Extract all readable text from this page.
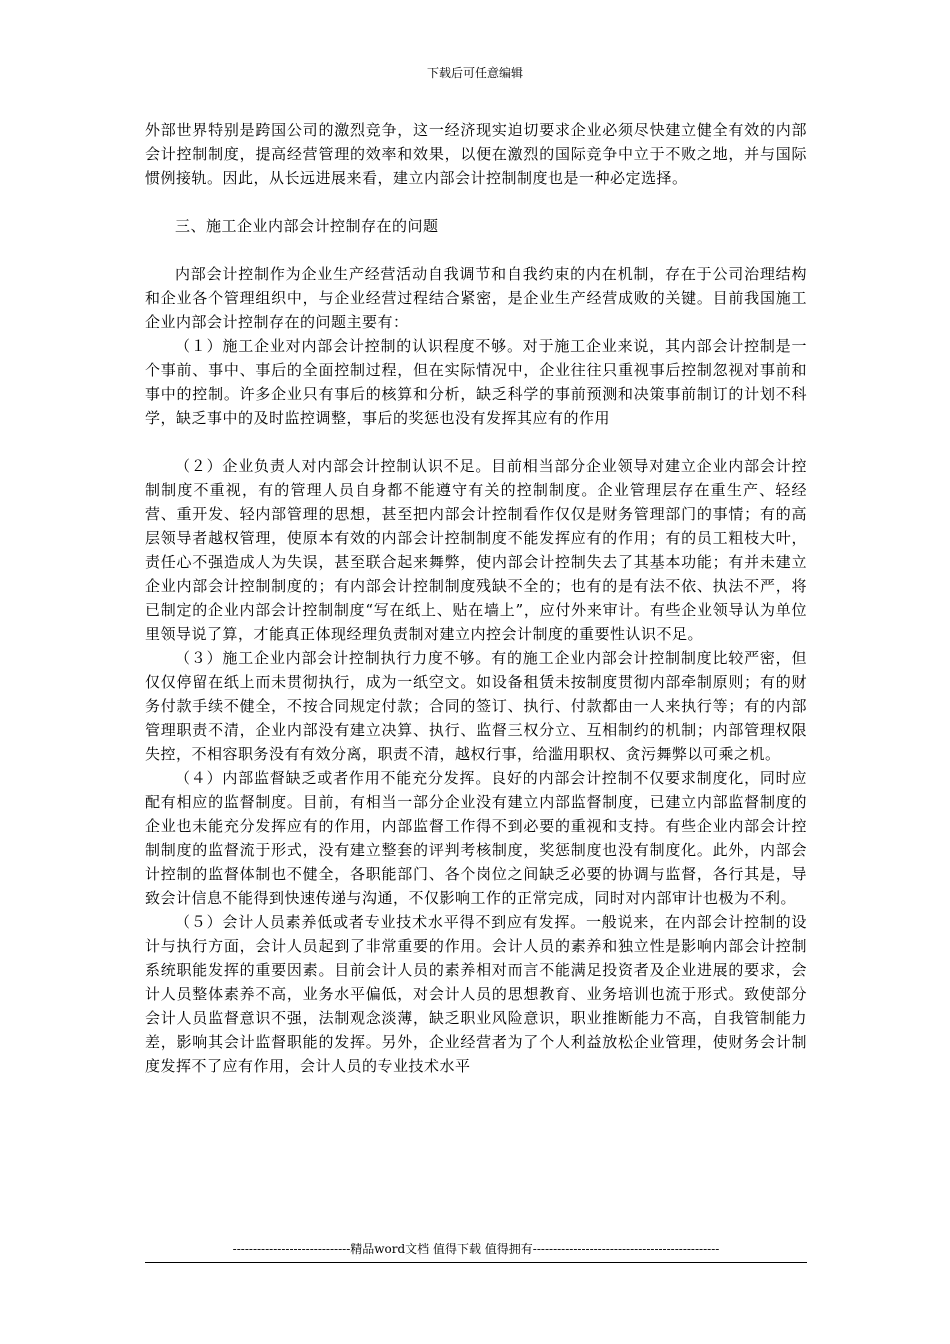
下载后可任意编辑

外部世界特别是跨国公司的激烈竞争，这一经济现实迫切要求企业必须尽快建立健全有效的内部会计控制制度，提高经营管理的效率和效果，以便在激烈的国际竞争中立于不败之地，并与国际惯例接轨。因此，从长远进展来看，建立内部会计控制制度也是一种必定选择。

三、施工企业内部会计控制存在的问题

内部会计控制作为企业生产经营活动自我调节和自我约束的内在机制，存在于公司治理结构和企业各个管理组织中，与企业经营过程结合紧密，是企业生产经营成败的关键。目前我国施工企业内部会计控制存在的问题主要有：

（１）施工企业对内部会计控制的认识程度不够。对于施工企业来说，其内部会计控制是一个事前、事中、事后的全面控制过程，但在实际情况中，企业往往只重视事后控制忽视对事前和事中的控制。许多企业只有事后的核算和分析，缺乏科学的事前预测和决策事前制订的计划不科学，缺乏事中的及时监控调整，事后的奖惩也没有发挥其应有的作用

（２）企业负责人对内部会计控制认识不足。目前相当部分企业领导对建立企业内部会计控制制度不重视，有的管理人员自身都不能遵守有关的控制制度。企业管理层存在重生产、轻经营、重开发、轻内部管理的思想，甚至把内部会计控制看作仅仅是财务管理部门的事情；有的高层领导者越权管理，使原本有效的内部会计控制制度不能发挥应有的作用；有的员工粗枝大叶，责任心不强造成人为失误，甚至联合起来舞弊，使内部会计控制失去了其基本功能；有并未建立企业内部会计控制制度的；有内部会计控制制度残缺不全的；也有的是有法不依、执法不严，将已制定的企业内部会计控制制度“写在纸上、贴在墙上”，应付外来审计。有些企业领导认为单位里领导说了算，才能真正体现经理负责制对建立内控会计制度的重要性认识不足。

（３）施工企业内部会计控制执行力度不够。有的施工企业内部会计控制制度比较严密，但仅仅停留在纸上而未贯彻执行，成为一纸空文。如设备租赁未按制度贯彻内部牵制原则；有的财务付款手续不健全，不按合同规定付款；合同的签订、执行、付款都由一人来执行等；有的内部管理职责不清，企业内部没有建立决算、执行、监督三权分立、互相制约的机制；内部管理权限失控，不相容职务没有有效分离，职责不清，越权行事，给滥用职权、贪污舞弊以可乘之机。

（４）内部监督缺乏或者作用不能充分发挥。良好的内部会计控制不仅要求制度化，同时应配有相应的监督制度。目前，有相当一部分企业没有建立内部监督制度，已建立内部监督制度的企业也未能充分发挥应有的作用，内部监督工作得不到必要的重视和支持。有些企业内部会计控制制度的监督流于形式，没有建立整套的评判考核制度，奖惩制度也没有制度化。此外，内部会计控制的监督体制也不健全，各职能部门、各个岗位之间缺乏必要的协调与监督，各行其是，导致会计信息不能得到快速传递与沟通，不仅影响工作的正常完成，同时对内部审计也极为不利。

（５）会计人员素养低或者专业技术水平得不到应有发挥。一般说来，在内部会计控制的设计与执行方面，会计人员起到了非常重要的作用。会计人员的素养和独立性是影响内部会计控制系统职能发挥的重要因素。目前会计人员的素养相对而言不能满足投资者及企业进展的要求，会计人员整体素养不高，业务水平偏低，对会计人员的思想教育、业务培训也流于形式。致使部分会计人员监督意识不强，法制观念淡薄，缺乏职业风险意识，职业推断能力不高，自我管制能力差，影响其会计监督职能的发挥。另外，企业经营者为了个人利益放松企业管理，使财务会计制度发挥不了应有作用，会计人员的专业技术水平

-----------------------------精品word文档 值得下载 值得拥有----------------------------------------------
